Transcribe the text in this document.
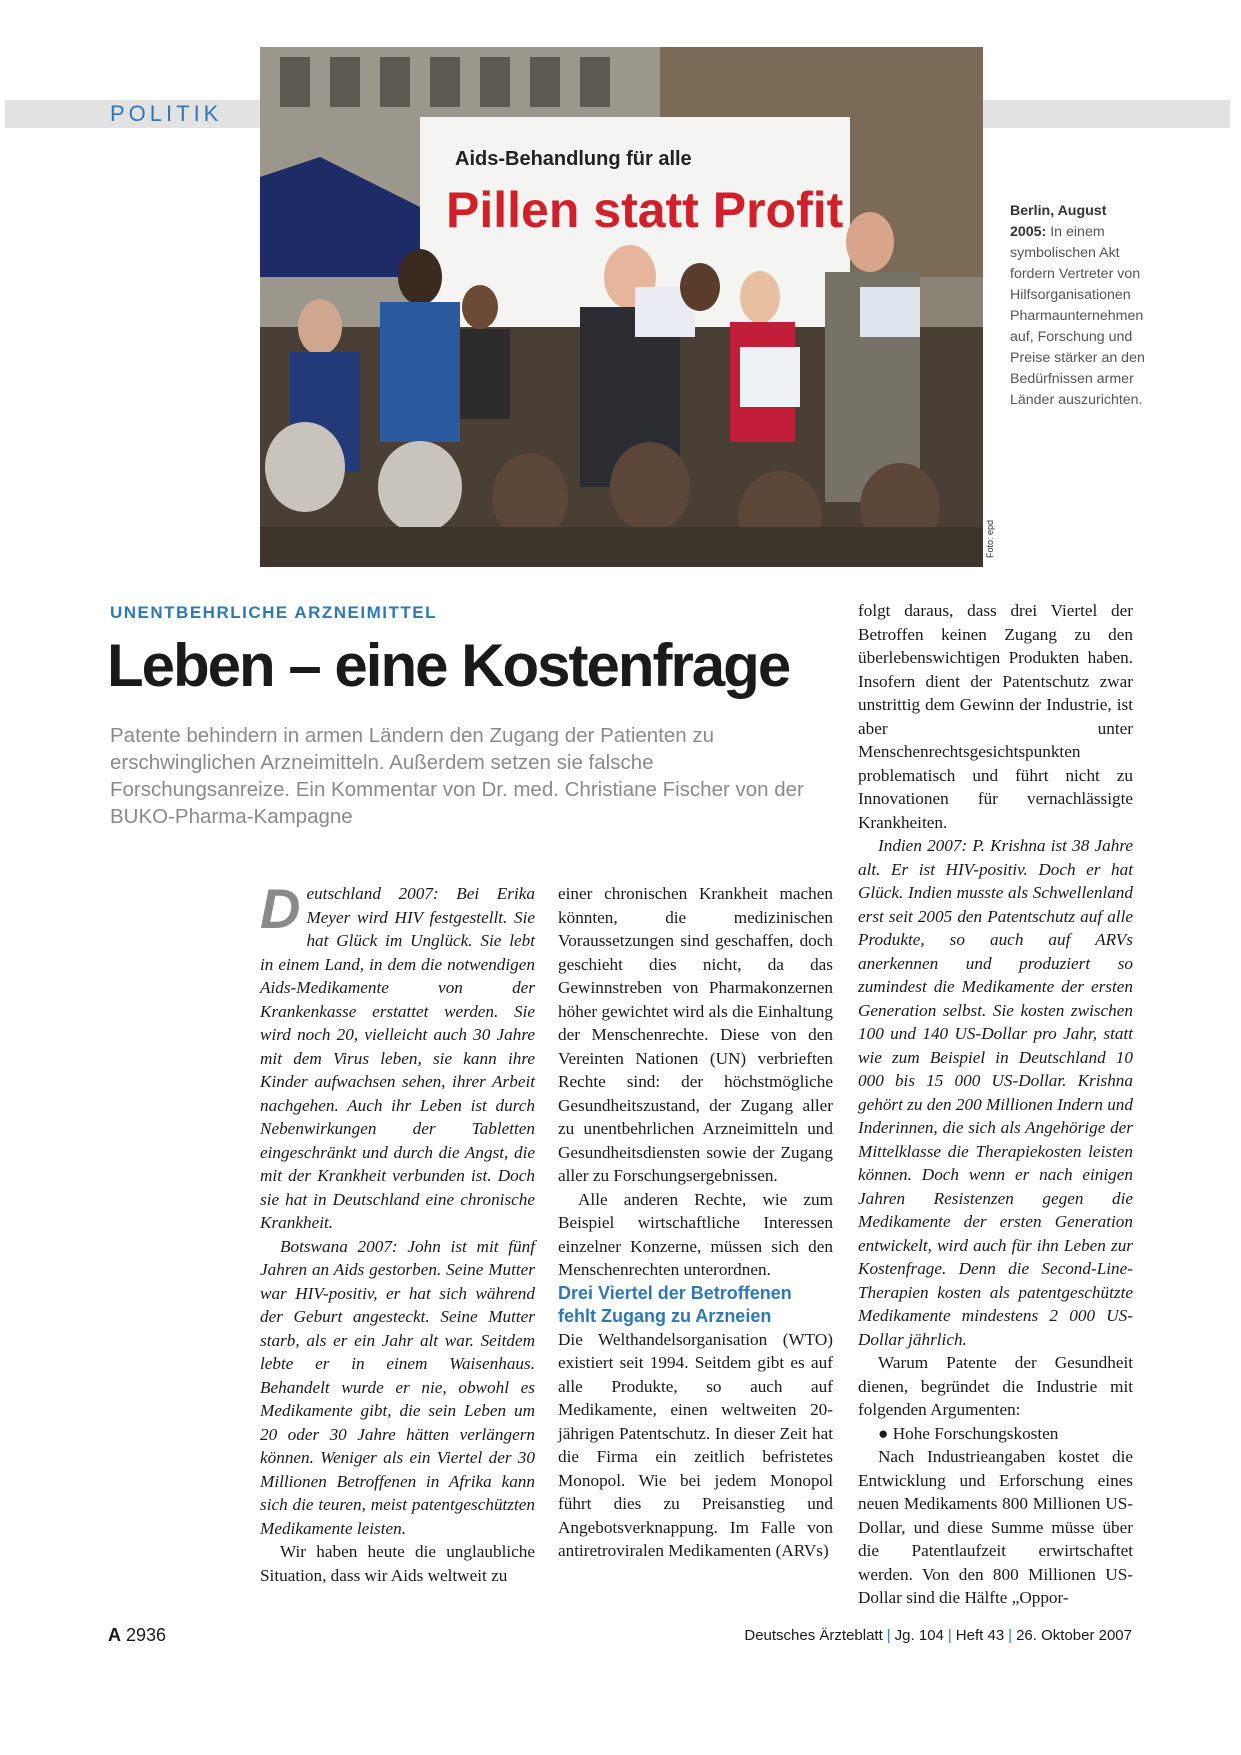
POLITIK
Aids-Behandlung für alle
Pillen statt Profit
Foto: epd
Berlin, August 2005: In einem symbolischen Akt fordern Vertreter von Hilfsorganisationen Pharmaunternehmen auf, Forschung und Preise stärker an den Bedürfnissen armer Länder auszurichten.
UNENTBEHRLICHE ARZNEIMITTEL
Leben – eine Kostenfrage
Patente behindern in armen Ländern den Zugang der Patienten zu erschwinglichen Arzneimitteln. Außerdem setzen sie falsche Forschungsanreize. Ein Kommentar von Dr. med. Christiane Fischer von der BUKO-Pharma-Kampagne

Deutschland 2007: Bei Erika Meyer wird HIV festgestellt. Sie hat Glück im Unglück. Sie lebt in einem Land, in dem die notwendigen Aids-Medikamente von der Krankenkasse erstattet werden. Sie wird noch 20, vielleicht auch 30 Jahre mit dem Virus leben, sie kann ihre Kinder aufwachsen sehen, ihrer Arbeit nachgehen. Auch ihr Leben ist durch Nebenwirkungen der Tabletten eingeschränkt und durch die Angst, die mit der Krankheit verbunden ist. Doch sie hat in Deutschland eine chronische Krankheit.

Botswana 2007: John ist mit fünf Jahren an Aids gestorben. Seine Mutter war HIV-positiv, er hat sich während der Geburt angesteckt. Seine Mutter starb, als er ein Jahr alt war. Seitdem lebte er in einem Waisenhaus. Behandelt wurde er nie, obwohl es Medikamente gibt, die sein Leben um 20 oder 30 Jahre hätten verlängern können. Weniger als ein Viertel der 30 Millionen Betroffenen in Afrika kann sich die teuren, meist patentgeschützten Medikamente leisten.

Wir haben heute die unglaubliche Situation, dass wir Aids weltweit zu

einer chronischen Krankheit machen könnten, die medizinischen Voraussetzungen sind geschaffen, doch geschieht dies nicht, da das Gewinnstreben von Pharmakonzernen höher gewichtet wird als die Einhaltung der Menschenrechte. Diese von den Vereinten Nationen (UN) verbrieften Rechte sind: der höchstmögliche Gesundheitszustand, der Zugang aller zu unentbehrlichen Arzneimitteln und Gesundheitsdiensten sowie der Zugang aller zu Forschungsergebnissen.

Alle anderen Rechte, wie zum Beispiel wirtschaftliche Interessen einzelner Konzerne, müssen sich den Menschenrechten unterordnen.

Drei Viertel der Betroffenen fehlt Zugang zu Arzneien

Die Welthandelsorganisation (WTO) existiert seit 1994. Seitdem gibt es auf alle Produkte, so auch auf Medikamente, einen weltweiten 20-jährigen Patentschutz. In dieser Zeit hat die Firma ein zeitlich befristetes Monopol. Wie bei jedem Monopol führt dies zu Preisanstieg und Angebotsverknappung. Im Falle von antiretroviralen Medikamenten (ARVs)

folgt daraus, dass drei Viertel der Betroffen keinen Zugang zu den überlebenswichtigen Produkten haben. Insofern dient der Patentschutz zwar unstrittig dem Gewinn der Industrie, ist aber unter Menschenrechtsgesichtspunkten problematisch und führt nicht zu Innovationen für vernachlässigte Krankheiten.

Indien 2007: P. Krishna ist 38 Jahre alt. Er ist HIV-positiv. Doch er hat Glück. Indien musste als Schwellenland erst seit 2005 den Patentschutz auf alle Produkte, so auch auf ARVs anerkennen und produziert so zumindest die Medikamente der ersten Generation selbst. Sie kosten zwischen 100 und 140 US-Dollar pro Jahr, statt wie zum Beispiel in Deutschland 10 000 bis 15 000 US-Dollar. Krishna gehört zu den 200 Millionen Indern und Inderinnen, die sich als Angehörige der Mittelklasse die Therapiekosten leisten können. Doch wenn er nach einigen Jahren Resistenzen gegen die Medikamente der ersten Generation entwickelt, wird auch für ihn Leben zur Kostenfrage. Denn die Second-Line-Therapien kosten als patentgeschützte Medikamente mindestens 2 000 US-Dollar jährlich.

Warum Patente der Gesundheit dienen, begründet die Industrie mit folgenden Argumenten:

● Hohe Forschungskosten

Nach Industrieangaben kostet die Entwicklung und Erforschung eines neuen Medikaments 800 Millionen US-Dollar, und diese Summe müsse über die Patentlaufzeit erwirtschaftet werden. Von den 800 Millionen US-Dollar sind die Hälfte „Oppor-

A 2936	Deutsches Ärzteblatt | Jg. 104 | Heft 43 | 26. Oktober 2007
